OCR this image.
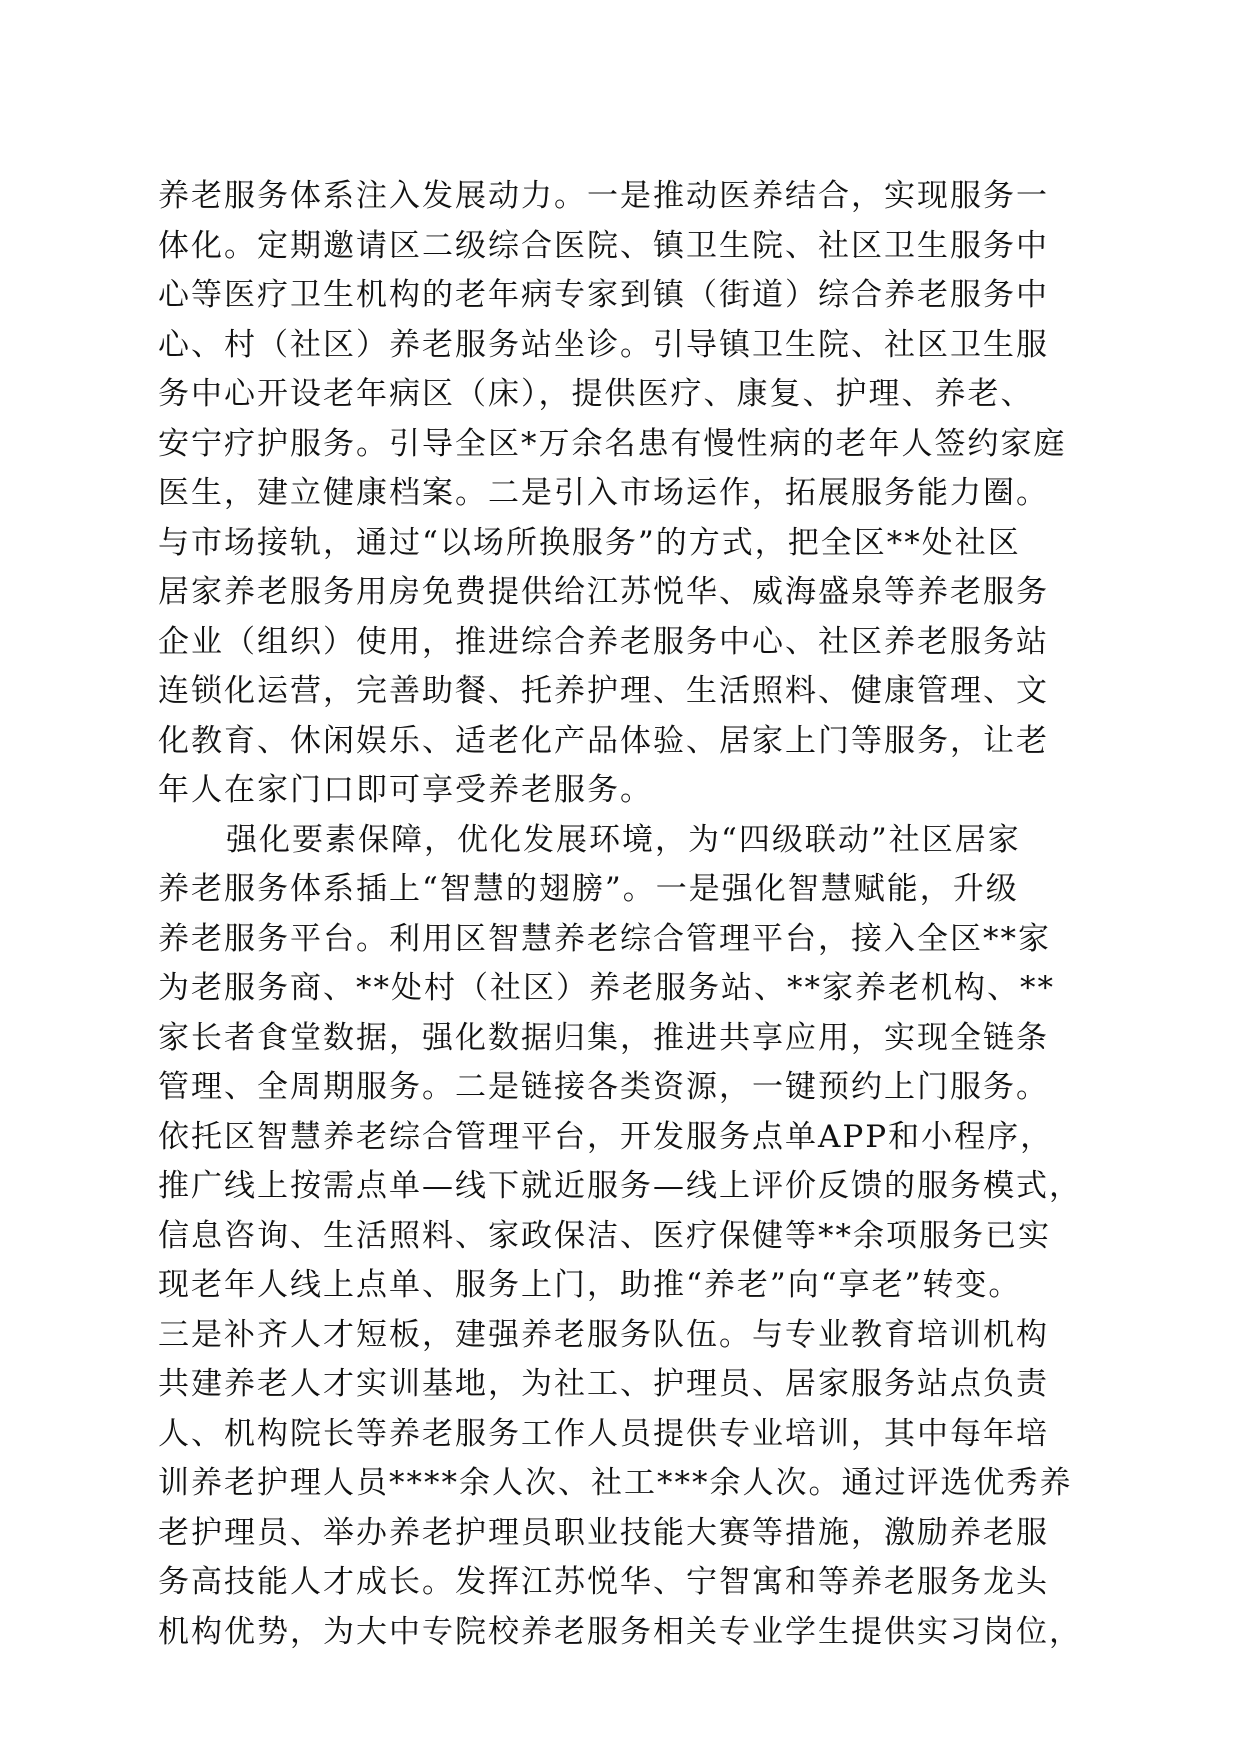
养老服务体系注入发展动力。一是推动医养结合，实现服务一
体化。定期邀请区二级综合医院、镇卫生院、社区卫生服务中
心等医疗卫生机构的老年病专家到镇（街道）综合养老服务中
心、村（社区）养老服务站坐诊。引导镇卫生院、社区卫生服
务中心开设老年病区（床），提供医疗、康复、护理、养老、
安宁疗护服务。引导全区*万余名患有慢性病的老年人签约家庭
医生，建立健康档案。二是引入市场运作，拓展服务能力圈。
与市场接轨，通过“以场所换服务”的方式，把全区**处社区
居家养老服务用房免费提供给江苏悦华、威海盛泉等养老服务
企业（组织）使用，推进综合养老服务中心、社区养老服务站
连锁化运营，完善助餐、托养护理、生活照料、健康管理、文
化教育、休闲娱乐、适老化产品体验、居家上门等服务，让老
年人在家门口即可享受养老服务。
强化要素保障，优化发展环境，为“四级联动”社区居家
养老服务体系插上“智慧的翅膀”。一是强化智慧赋能，升级
养老服务平台。利用区智慧养老综合管理平台，接入全区**家
为老服务商、**处村（社区）养老服务站、**家养老机构、**
家长者食堂数据，强化数据归集，推进共享应用，实现全链条
管理、全周期服务。二是链接各类资源，一键预约上门服务。
依托区智慧养老综合管理平台，开发服务点单APP和小程序，
推广线上按需点单—线下就近服务—线上评价反馈的服务模式，
信息咨询、生活照料、家政保洁、医疗保健等**余项服务已实
现老年人线上点单、服务上门，助推“养老”向“享老”转变。
三是补齐人才短板，建强养老服务队伍。与专业教育培训机构
共建养老人才实训基地，为社工、护理员、居家服务站点负责
人、机构院长等养老服务工作人员提供专业培训，其中每年培
训养老护理人员****余人次、社工***余人次。通过评选优秀养
老护理员、举办养老护理员职业技能大赛等措施，激励养老服
务高技能人才成长。发挥江苏悦华、宁智寓和等养老服务龙头
机构优势，为大中专院校养老服务相关专业学生提供实习岗位，
